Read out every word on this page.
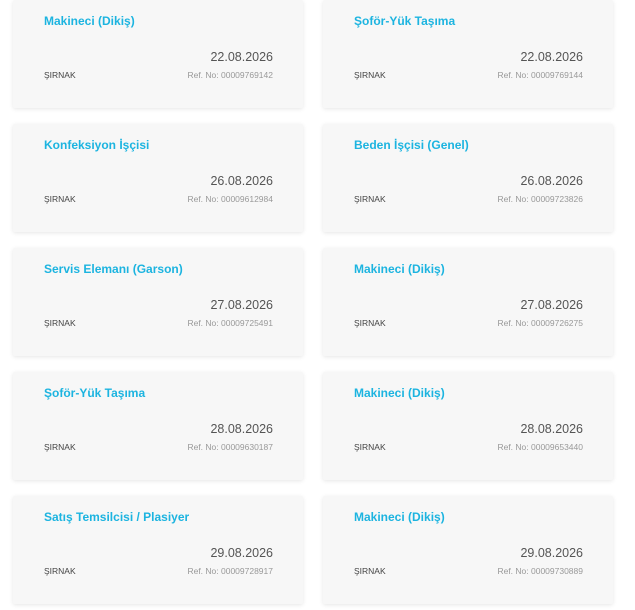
Makineci (Dikiş)
22.08.2026
ŞIRNAK	Ref. No: 00009769142
Şoför-Yük Taşıma
22.08.2026
ŞIRNAK	Ref. No: 00009769144
Konfeksiyon İşçisi
26.08.2026
ŞIRNAK	Ref. No: 00009612984
Beden İşçisi (Genel)
26.08.2026
ŞIRNAK	Ref. No: 00009723826
Servis Elemanı (Garson)
27.08.2026
ŞIRNAK	Ref. No: 00009725491
Makineci (Dikiş)
27.08.2026
ŞIRNAK	Ref. No: 00009726275
Şoför-Yük Taşıma
28.08.2026
ŞIRNAK	Ref. No: 00009630187
Makineci (Dikiş)
28.08.2026
ŞIRNAK	Ref. No: 00009653440
Satış Temsilcisi / Plasiyer
29.08.2026
ŞIRNAK	Ref. No: 00009728917
Makineci (Dikiş)
29.08.2026
ŞIRNAK	Ref. No: 00009730889
